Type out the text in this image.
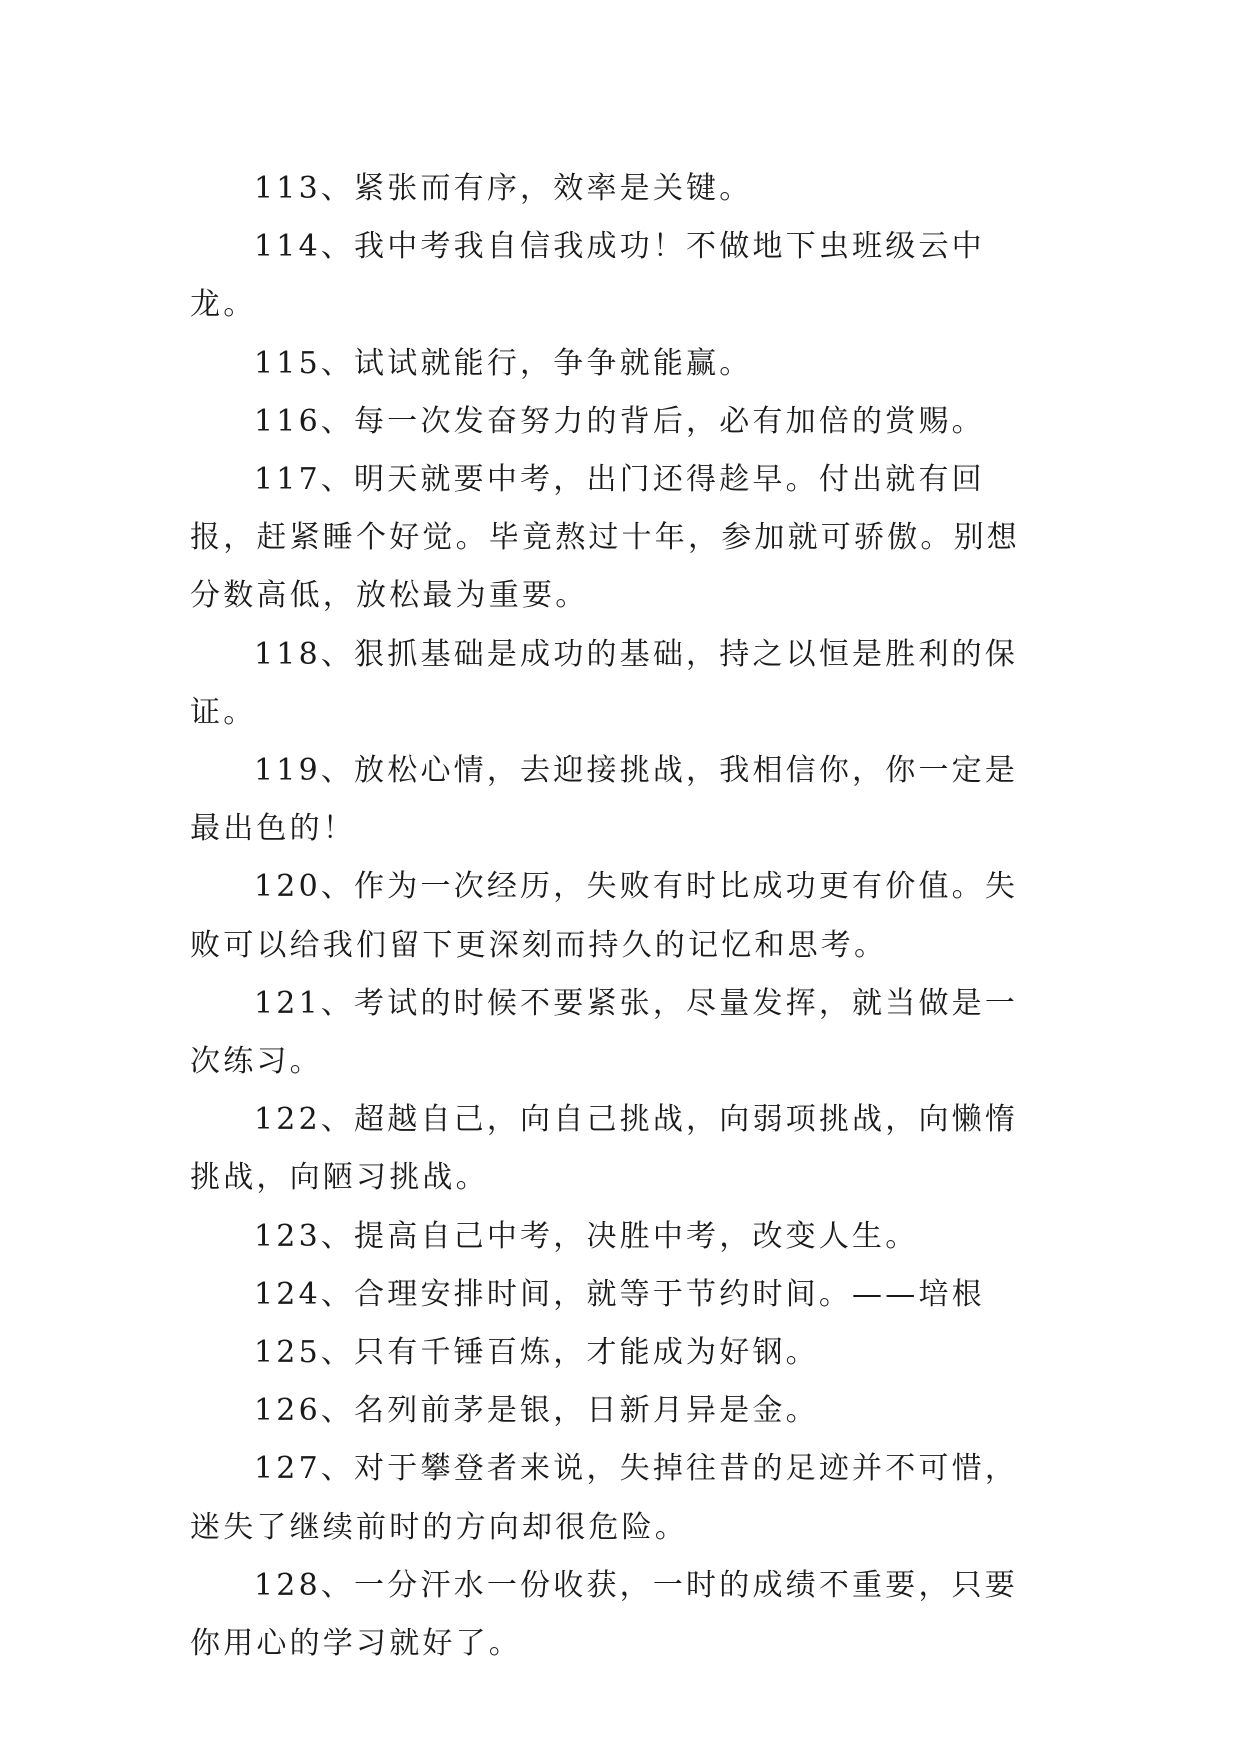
113、紧张而有序，效率是关键。

114、我中考我自信我成功！不做地下虫班级云中龙。

115、试试就能行，争争就能赢。

116、每一次发奋努力的背后，必有加倍的赏赐。

117、明天就要中考，出门还得趁早。付出就有回报，赶紧睡个好觉。毕竟熬过十年，参加就可骄傲。别想分数高低，放松最为重要。

118、狠抓基础是成功的基础，持之以恒是胜利的保证。

119、放松心情，去迎接挑战，我相信你，你一定是最出色的！

120、作为一次经历，失败有时比成功更有价值。失败可以给我们留下更深刻而持久的记忆和思考。

121、考试的时候不要紧张，尽量发挥，就当做是一次练习。

122、超越自己，向自己挑战，向弱项挑战，向懒惰挑战，向陋习挑战。

123、提高自己中考，决胜中考，改变人生。

124、合理安排时间，就等于节约时间。——培根

125、只有千锤百炼，才能成为好钢。

126、名列前茅是银，日新月异是金。

127、对于攀登者来说，失掉往昔的足迹并不可惜，迷失了继续前时的方向却很危险。

128、一分汗水一份收获，一时的成绩不重要，只要你用心的学习就好了。
